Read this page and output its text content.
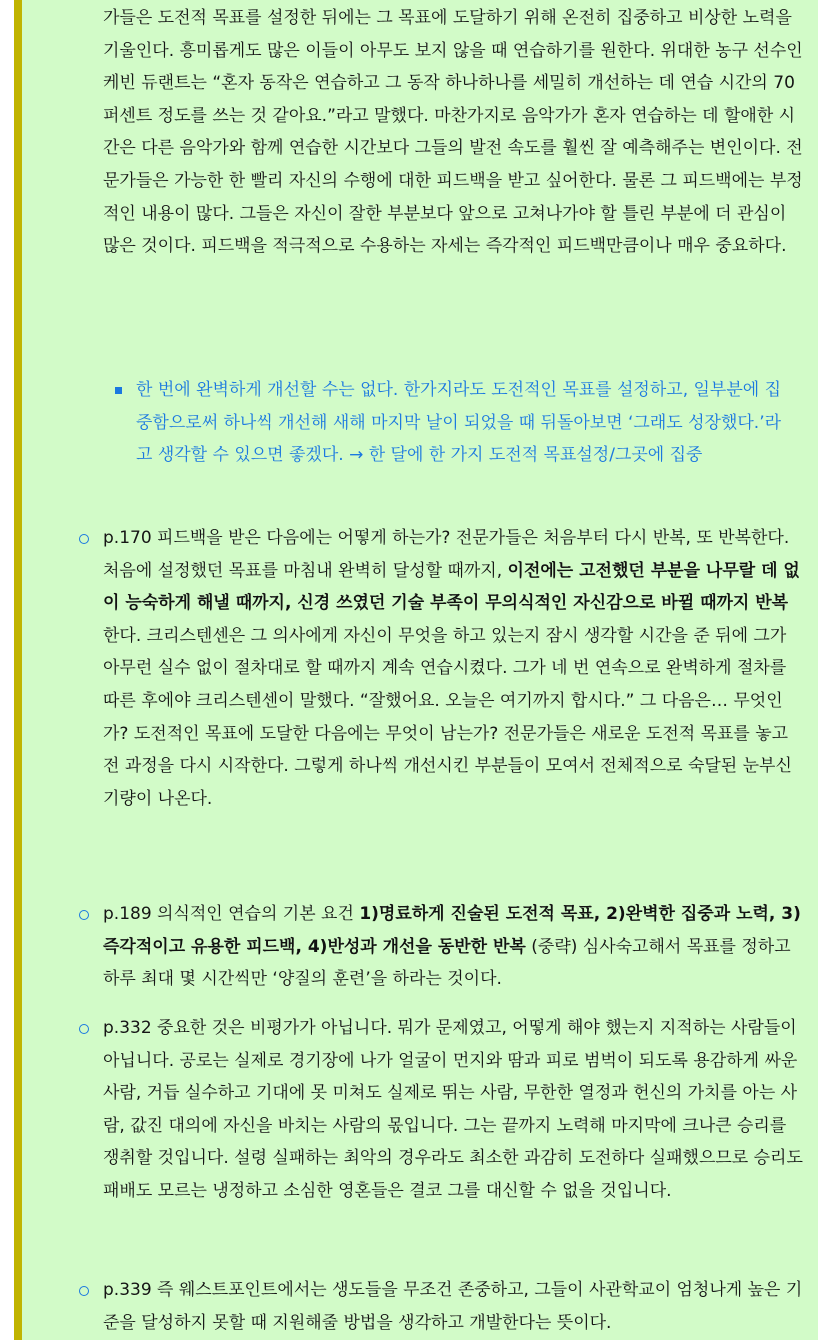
가들은 도전적 목표를 설정한 뒤에는 그 목표에 도달하기 위해 온전히 집중하고 비상한 노력을 기울인다. 흥미롭게도 많은 이들이 아무도 보지 않을 때 연습하기를 원한다. 위대한 농구 선수인 케빈 듀랜트는 “혼자 동작은 연습하고 그 동작 하나하나를 세밀히 개선하는 데 연습 시간의 70퍼센트 정도를 쓰는 것 같아요.”라고 말했다. 마찬가지로 음악가가 혼자 연습하는 데 할애한 시간은 다른 음악가와 함께 연습한 시간보다 그들의 발전 속도를 훨씬 잘 예측해주는 변인이다. 전문가들은 가능한 한 빨리 자신의 수행에 대한 피드백을 받고 싶어한다. 물론 그 피드백에는 부정적인 내용이 많다. 그들은 자신이 잘한 부분보다 앞으로 고쳐나가야 할 틀린 부분에 더 관심이 많은 것이다. 피드백을 적극적으로 수용하는 자세는 즉각적인 피드백만큼이나 매우 중요하다.

한 번에 완벽하게 개선할 수는 없다. 한가지라도 도전적인 목표를 설정하고, 일부분에 집중함으로써 하나씩 개선해 새해 마지막 날이 되었을 때 뒤돌아보면 ‘그래도 성장했다.’라고 생각할 수 있으면 좋겠다. → 한 달에 한 가지 도전적 목표설정/그곳에 집중
p.170 피드백을 받은 다음에는 어떻게 하는가? 전문가들은 처음부터 다시 반복, 또 반복한다. 처음에 설정했던 목표를 마침내 완벽히 달성할 때까지, 이전에는 고전했던 부분을 나무랄 데 없이 능숙하게 해낼 때까지, 신경 쓰였던 기술 부족이 무의식적인 자신감으로 바뀔 때까지 반복한다. 크리스텐센은 그 의사에게 자신이 무엇을 하고 있는지 잠시 생각할 시간을 준 뒤에 그가 아무런 실수 없이 절차대로 할 때까지 계속 연습시켰다. 그가 네 번 연속으로 완벽하게 절차를 따른 후에야 크리스텐센이 말했다. “잘했어요. 오늘은 여기까지 합시다.” 그 다음은… 무엇인가? 도전적인 목표에 도달한 다음에는 무엇이 남는가? 전문가들은 새로운 도전적 목표를 놓고 전 과정을 다시 시작한다. 그렇게 하나씩 개선시킨 부분들이 모여서 전체적으로 숙달된 눈부신 기량이 나온다.
p.189 의식적인 연습의 기본 요건 1)명료하게 진술된 도전적 목표, 2)완벽한 집중과 노력, 3)즉각적이고 유용한 피드백, 4)반성과 개선을 동반한 반복 (중략) 심사숙고해서 목표를 정하고 하루 최대 몇 시간씩만 ‘양질의 훈련’을 하라는 것이다.
p.332 중요한 것은 비평가가 아닙니다. 뭐가 문제였고, 어떻게 해야 했는지 지적하는 사람들이 아닙니다. 공로는 실제로 경기장에 나가 얼굴이 먼지와 땀과 피로 범벅이 되도록 용감하게 싸운 사람, 거듭 실수하고 기대에 못 미쳐도 실제로 뛰는 사람, 무한한 열정과 헌신의 가치를 아는 사람, 값진 대의에 자신을 바치는 사람의 몫입니다. 그는 끝까지 노력해 마지막에 크나큰 승리를 쟁취할 것입니다. 설령 실패하는 최악의 경우라도 최소한 과감히 도전하다 실패했으므로 승리도 패배도 모르는 냉정하고 소심한 영혼들은 결코 그를 대신할 수 없을 것입니다.
p.339 즉 웨스트포인트에서는 생도들을 무조건 존중하고, 그들이 사관학교이 엄청나게 높은 기준을 달성하지 못할 때 지원해줄 방법을 생각하고 개발한다는 뜻이다.
